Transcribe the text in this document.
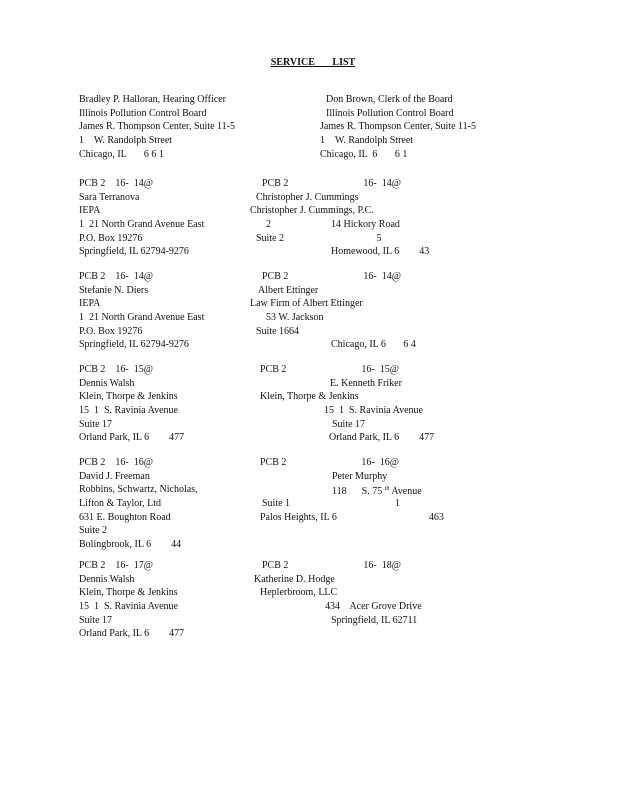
SERVICE       LIST
Bradley P. Halloran, Hearing Officer
Illinois Pollution Control Board
James R. Thompson Center, Suite 11-5
1    W. Randolph Street
Chicago, IL       6 6 1
Don Brown, Clerk of the Board
Illinois Pollution Control Board
James R. Thompson Center, Suite 11-5
1    W. Randolph Street
Chicago, IL  6       6 1
PCB 2    16-  14@
Sara Terranova
IEPA
1  21 North Grand Avenue East
P.O. Box 19276
Springfield, IL 62794-9276
PCB 2                              16-  14@
Christopher J. Cummings
Christopher J. Cummings, P.C.
2                        14 Hickory Road
Suite 2                                     5
Homewood, IL 6        43
PCB 2    16-  14@
Stefanie N. Diers
IEPA
1  21 North Grand Avenue East
P.O. Box 19276
Springfield, IL 62794-9276
PCB 2                              16-  14@
Albert Ettinger
Law Firm of Albert Ettinger
53 W. Jackson
Suite 1664
Chicago, IL 6       6 4
PCB 2    16-  15@
Dennis Walsh
Klein, Thorpe & Jenkins
15  1  S. Ravinia Avenue
Suite 17
Orland Park, IL 6        477
PCB 2                              16-  15@
E. Kenneth Friker
Klein, Thorpe & Jenkins
15  1  S. Ravinia Avenue
Suite 17
Orland Park, IL 6        477
PCB 2    16-  16@
David J. Freeman
Robbins, Schwartz, Nicholas,
Lifton & Taylor, Ltd
631 E. Boughton Road
Suite 2
Bolingbrook, IL 6        44
PCB 2                              16-  16@
Peter Murphy
118      S. 75 $^{th}$ Avenue
Suite 1                                          1
Palos Heights, IL 6	463
PCB 2    16-  17@
Dennis Walsh
Klein, Thorpe & Jenkins
15  1  S. Ravinia Avenue
Suite 17
Orland Park, IL 6        477
PCB 2                              16-  18@
Katherine D. Hodge
Heplerbroom, LLC
434    Acer Grove Drive
Springfield, IL 62711
